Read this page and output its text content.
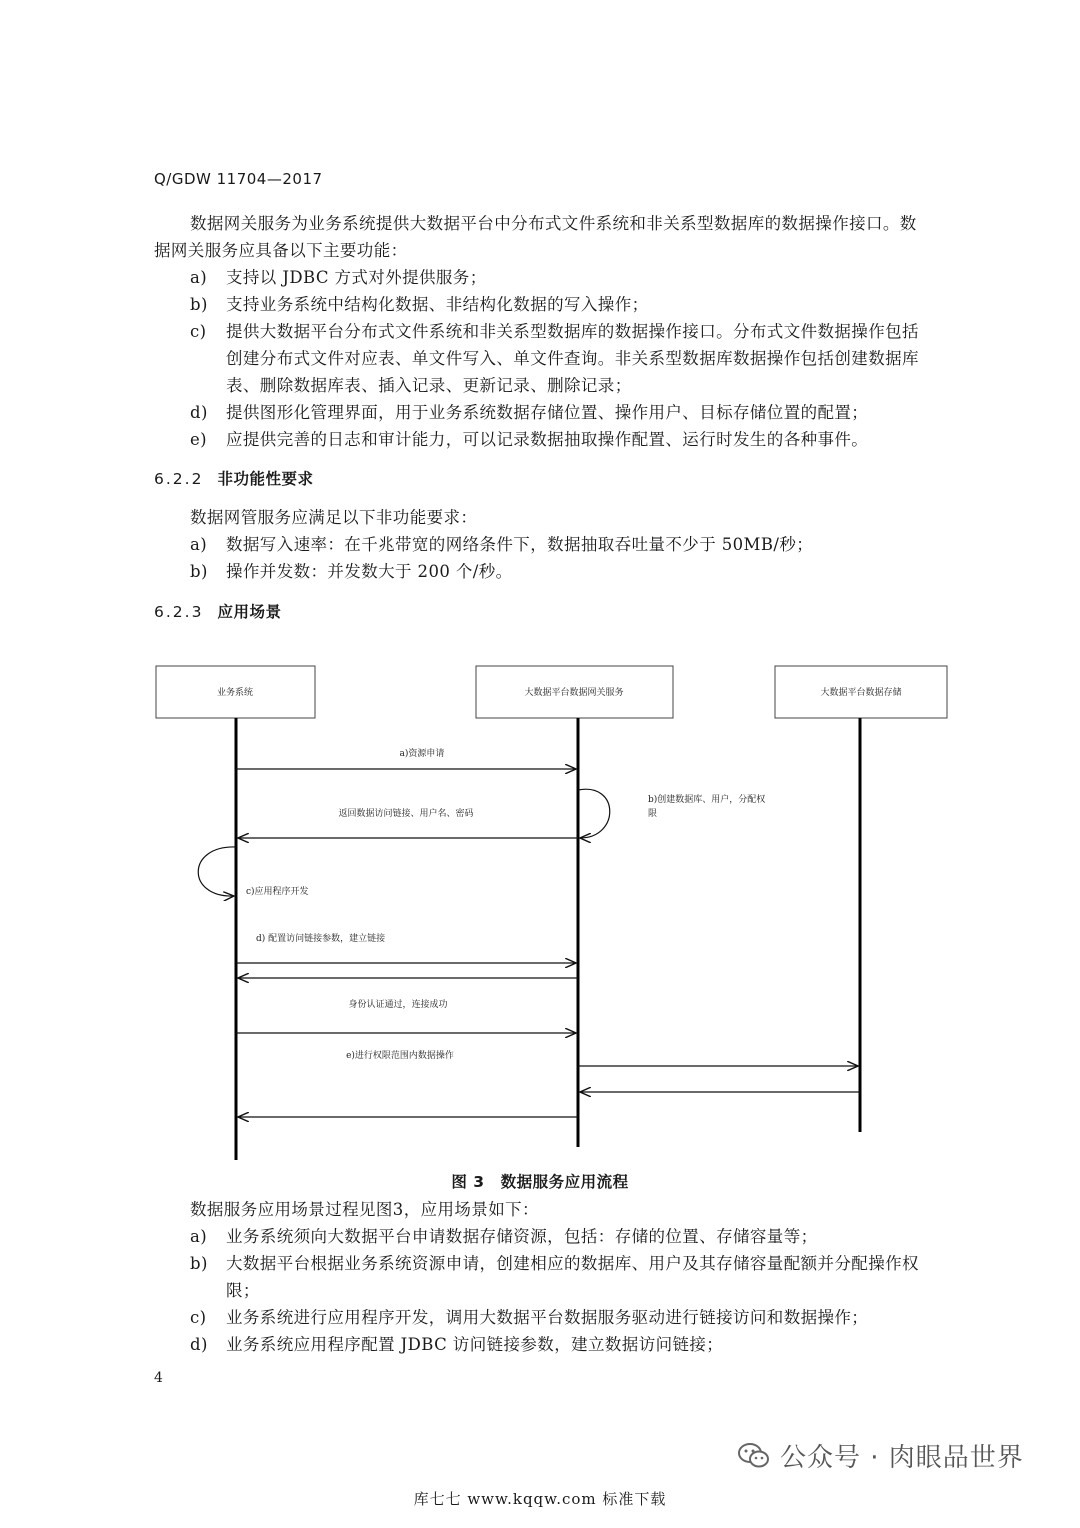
Q/GDW 11704—2017
数据网关服务为业务系统提供大数据平台中分布式文件系统和非关系型数据库的数据操作接口。数
据网关服务应具备以下主要功能：
a)	支持以 JDBC 方式对外提供服务；
b)	支持业务系统中结构化数据、非结构化数据的写入操作；
c)	提供大数据平台分布式文件系统和非关系型数据库的数据操作接口。分布式文件数据操作包括
创建分布式文件对应表、单文件写入、单文件查询。非关系型数据库数据操作包括创建数据库
表、删除数据库表、插入记录、更新记录、删除记录；
d)	提供图形化管理界面，用于业务系统数据存储位置、操作用户、目标存储位置的配置；
e)	应提供完善的日志和审计能力，可以记录数据抽取操作配置、运行时发生的各种事件。
6.2.2 非功能性要求
数据网管服务应满足以下非功能要求：
a)	数据写入速率：在千兆带宽的网络条件下，数据抽取吞吐量不少于 50MB/秒；
b)	操作并发数：并发数大于 200 个/秒。
6.2.3 应用场景
业务系统	大数据平台数据网关服务	大数据平台数据存储
a)资源申请
b)创建数据库、用户，分配权
限
返回数据访问链接、用户名、密码
c)应用程序开发
d) 配置访问链接参数，建立链接
身份认证通过，连接成功
e)进行权限范围内数据操作
图 3 数据服务应用流程
数据服务应用场景过程见图3，应用场景如下：
a)	业务系统须向大数据平台申请数据存储资源，包括：存储的位置、存储容量等；
b)	大数据平台根据业务系统资源申请，创建相应的数据库、用户及其存储容量配额并分配操作权
限；
c)	业务系统进行应用程序开发，调用大数据平台数据服务驱动进行链接访问和数据操作；
d)	业务系统应用程序配置 JDBC 访问链接参数，建立数据访问链接；
4
公众号 · 肉眼品世界
库七七 www.kqqw.com 标准下载
